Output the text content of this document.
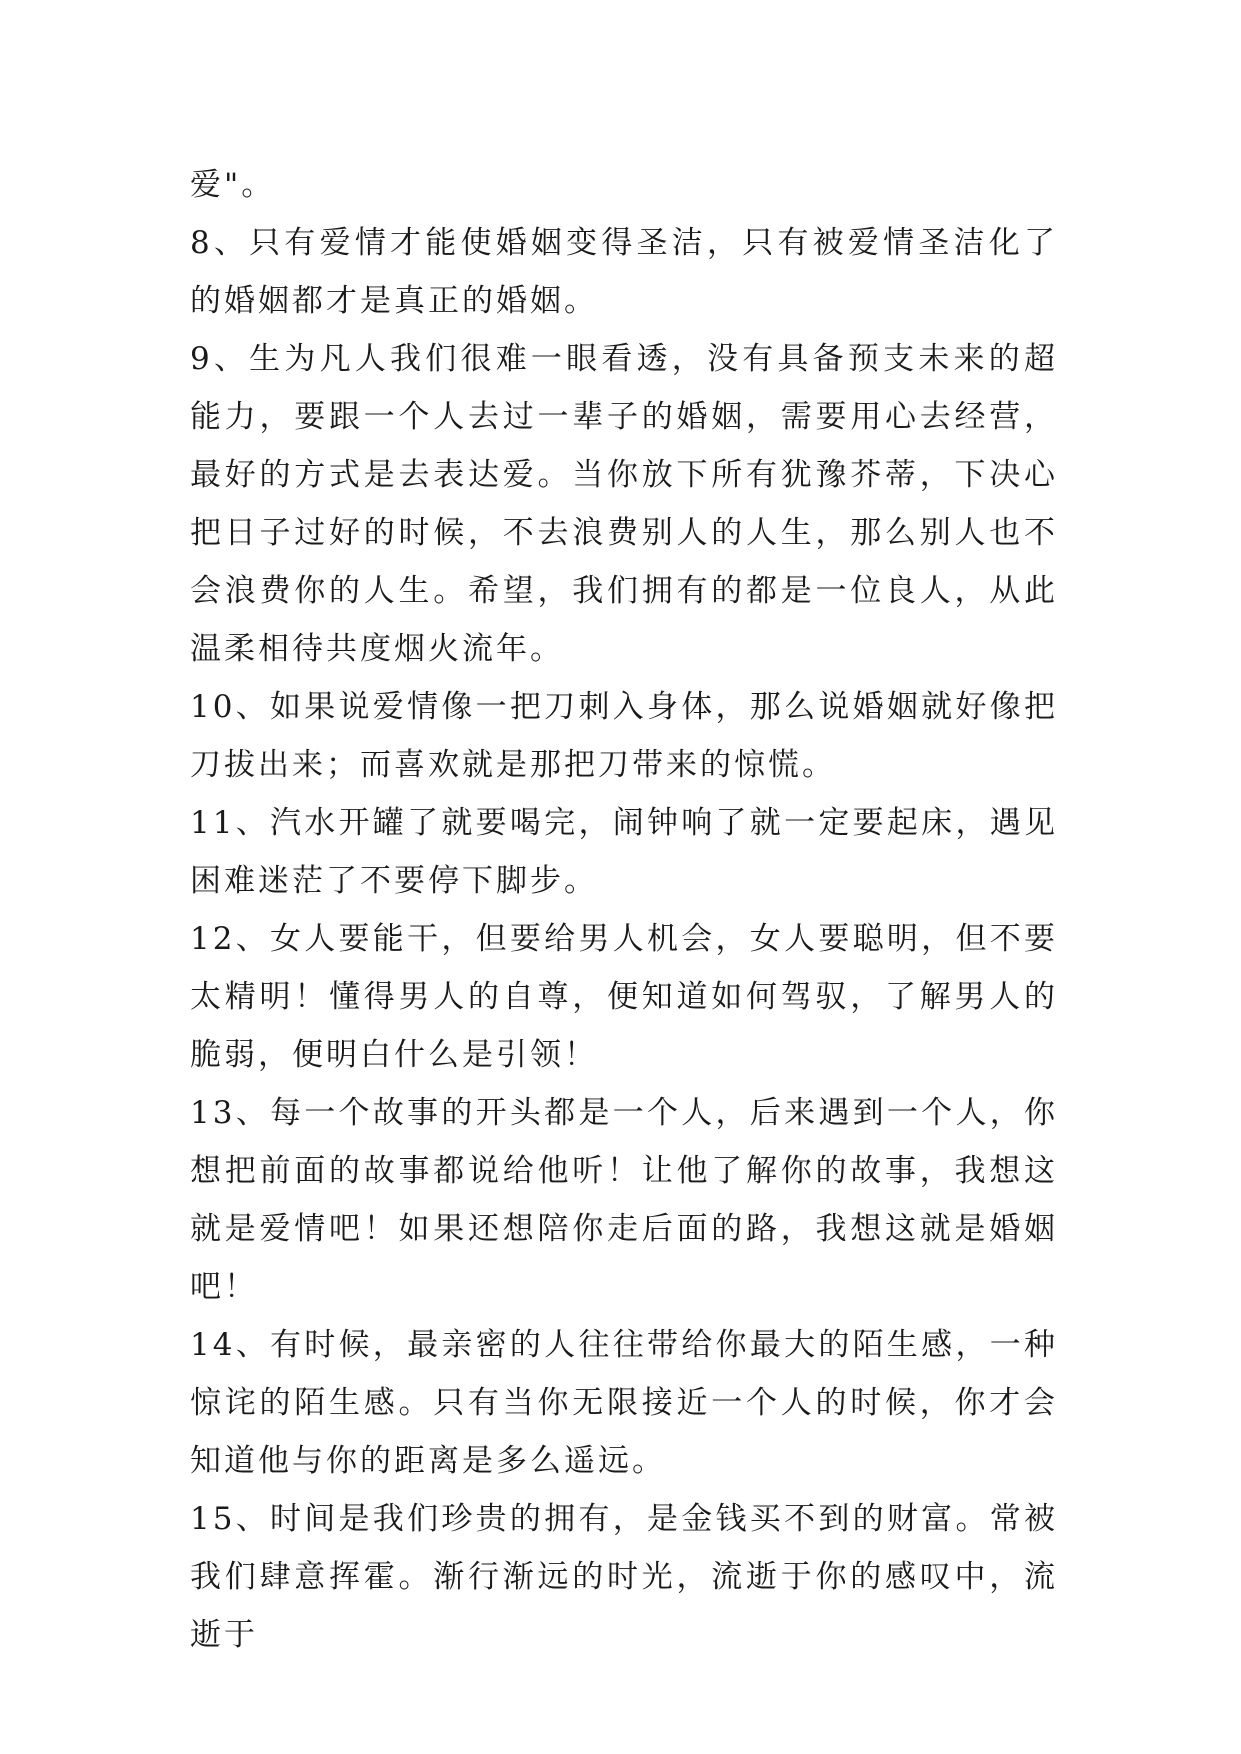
爱"。

8、只有爱情才能使婚姻变得圣洁，只有被爱情圣洁化了的婚姻都才是真正的婚姻。

9、生为凡人我们很难一眼看透，没有具备预支未来的超能力，要跟一个人去过一辈子的婚姻，需要用心去经营，最好的方式是去表达爱。当你放下所有犹豫芥蒂，下决心把日子过好的时候，不去浪费别人的人生，那么别人也不会浪费你的人生。希望，我们拥有的都是一位良人，从此温柔相待共度烟火流年。

10、如果说爱情像一把刀刺入身体，那么说婚姻就好像把刀拔出来；而喜欢就是那把刀带来的惊慌。

11、汽水开罐了就要喝完，闹钟响了就一定要起床，遇见困难迷茫了不要停下脚步。

12、女人要能干，但要给男人机会，女人要聪明，但不要太精明！懂得男人的自尊，便知道如何驾驭，了解男人的脆弱，便明白什么是引领！

13、每一个故事的开头都是一个人，后来遇到一个人，你想把前面的故事都说给他听！让他了解你的故事，我想这就是爱情吧！如果还想陪你走后面的路，我想这就是婚姻吧！

14、有时候，最亲密的人往往带给你最大的陌生感，一种惊诧的陌生感。只有当你无限接近一个人的时候，你才会知道他与你的距离是多么遥远。

15、时间是我们珍贵的拥有，是金钱买不到的财富。常被我们肆意挥霍。渐行渐远的时光，流逝于你的感叹中，流逝于
